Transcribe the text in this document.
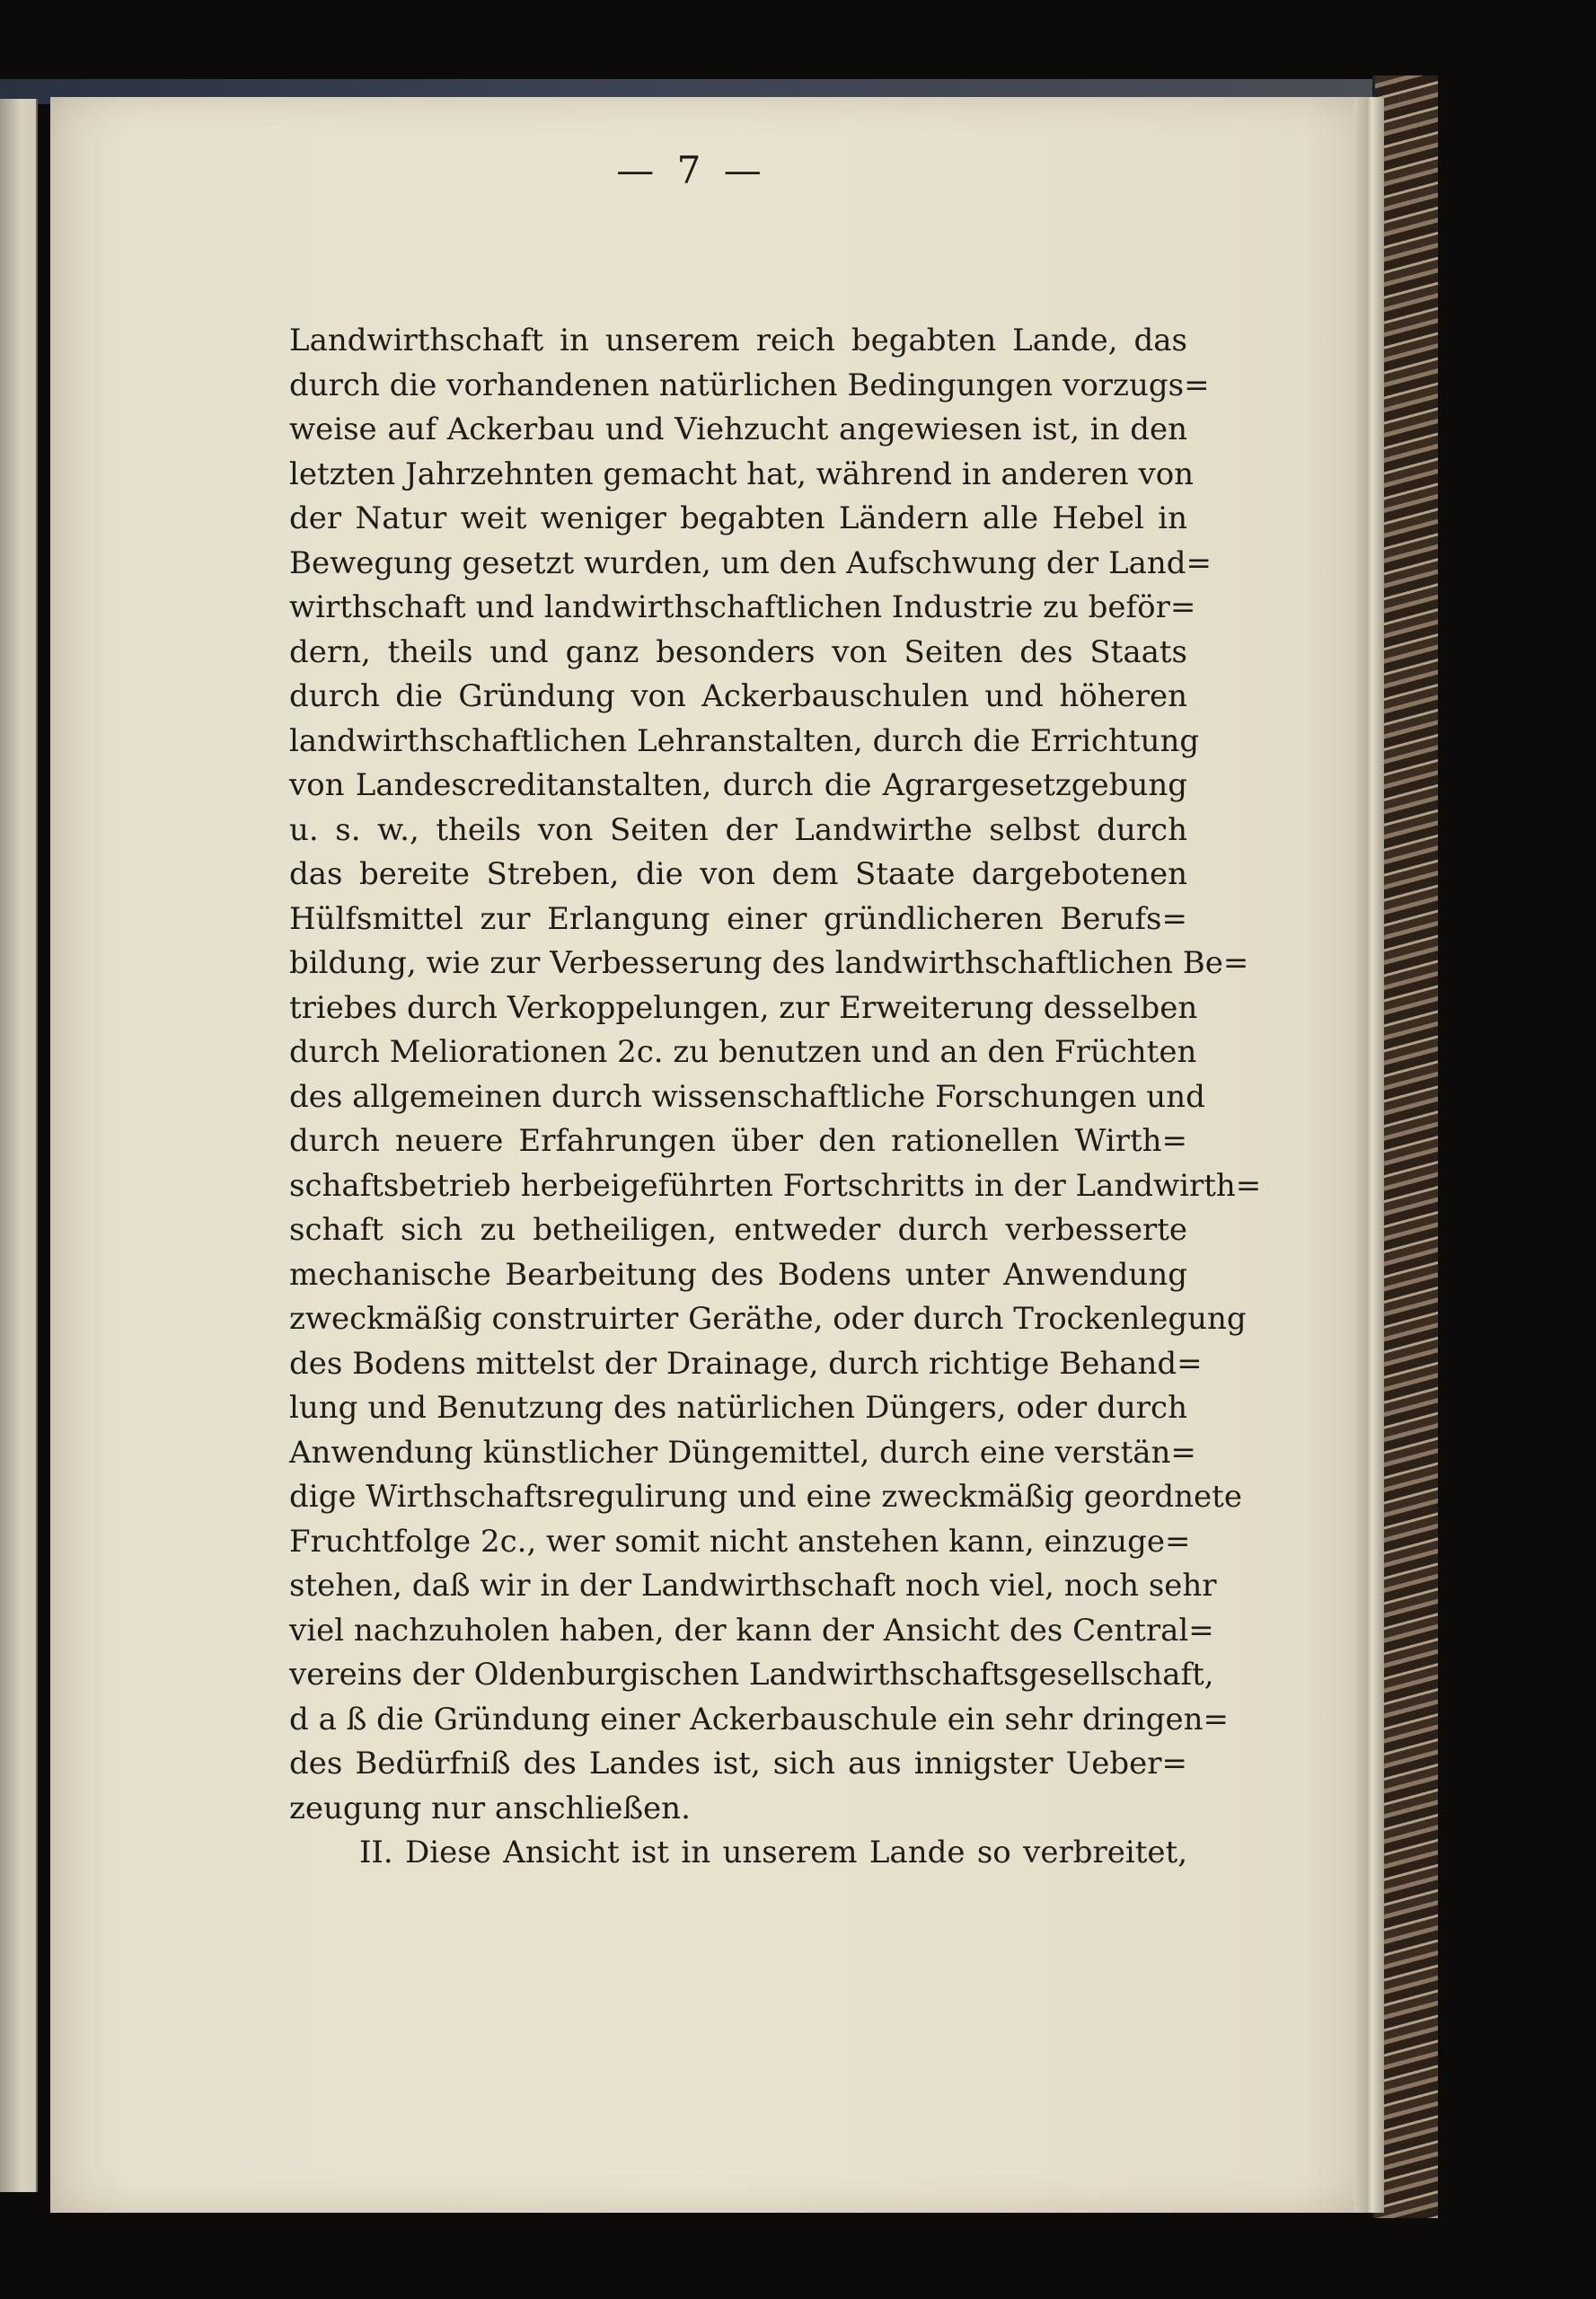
— 7 —
Landwirthschaft in unserem reich begabten Lande, das
durch die vorhandenen natürlichen Bedingungen vorzugs=
weise auf Ackerbau und Viehzucht angewiesen ist, in den
letzten Jahrzehnten gemacht hat, während in anderen von
der Natur weit weniger begabten Ländern alle Hebel in
Bewegung gesetzt wurden, um den Aufschwung der Land=
wirthschaft und landwirthschaftlichen Industrie zu beför=
dern, theils und ganz besonders von Seiten des Staats
durch die Gründung von Ackerbauschulen und höheren
landwirthschaftlichen Lehranstalten, durch die Errichtung
von Landescreditanstalten, durch die Agrargesetzgebung
u. s. w., theils von Seiten der Landwirthe selbst durch
das bereite Streben, die von dem Staate dargebotenen
Hülfsmittel zur Erlangung einer gründlicheren Berufs=
bildung, wie zur Verbesserung des landwirthschaftlichen Be=
triebes durch Verkoppelungen, zur Erweiterung desselben
durch Meliorationen 2c. zu benutzen und an den Früchten
des allgemeinen durch wissenschaftliche Forschungen und
durch neuere Erfahrungen über den rationellen Wirth=
schaftsbetrieb herbeigeführten Fortschritts in der Landwirth=
schaft sich zu betheiligen, entweder durch verbesserte
mechanische Bearbeitung des Bodens unter Anwendung
zweckmäßig construirter Geräthe, oder durch Trockenlegung
des Bodens mittelst der Drainage, durch richtige Behand=
lung und Benutzung des natürlichen Düngers, oder durch
Anwendung künstlicher Düngemittel, durch eine verstän=
dige Wirthschaftsregulirung und eine zweckmäßig geordnete
Fruchtfolge 2c., wer somit nicht anstehen kann, einzuge=
stehen, daß wir in der Landwirthschaft noch viel, noch sehr
viel nachzuholen haben, der kann der Ansicht des Central=
vereins der Oldenburgischen Landwirthschaftsgesellschaft,
d a ß die Gründung einer Ackerbauschule ein sehr dringen=
des Bedürfniß des Landes ist, sich aus innigster Ueber=
zeugung nur anschließen.
II. Diese Ansicht ist in unserem Lande so verbreitet,
